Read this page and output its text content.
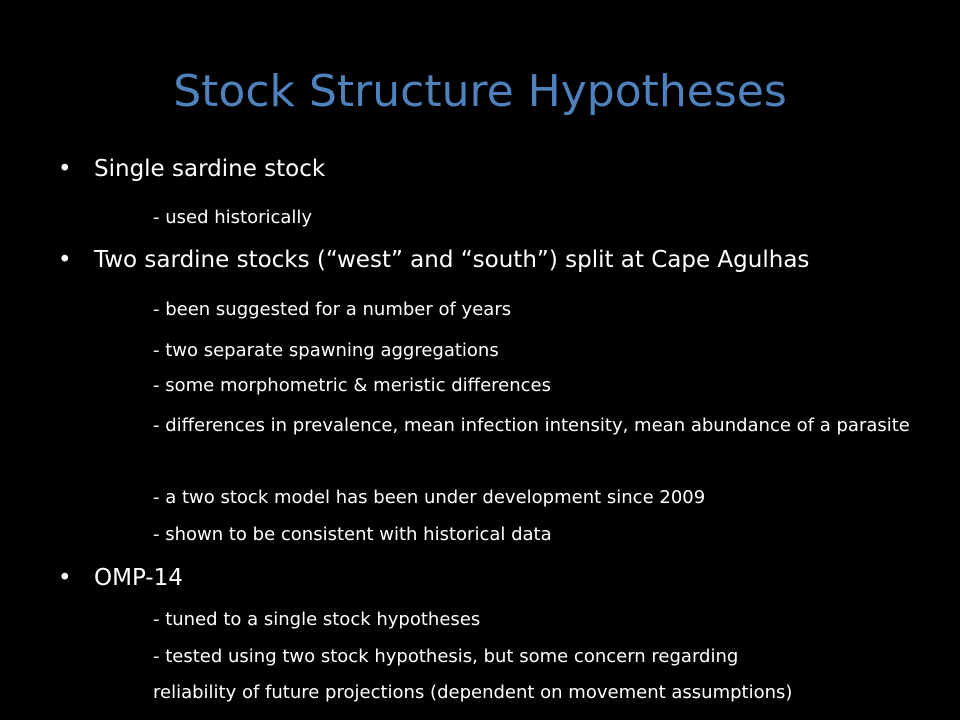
Stock Structure Hypotheses
• Single sardine stock
- used historically
• Two sardine stocks (“west” and “south”) split at Cape Agulhas
- been suggested for a number of years
- two separate spawning aggregations
- some morphometric & meristic differences
- differences in prevalence, mean infection intensity, mean abundance of a parasite
- a two stock model has been under development since 2009
- shown to be consistent with historical data
• OMP-14
- tuned to a single stock hypotheses
- tested using two stock hypothesis, but some concern regarding
reliability of future projections (dependent on movement assumptions)
